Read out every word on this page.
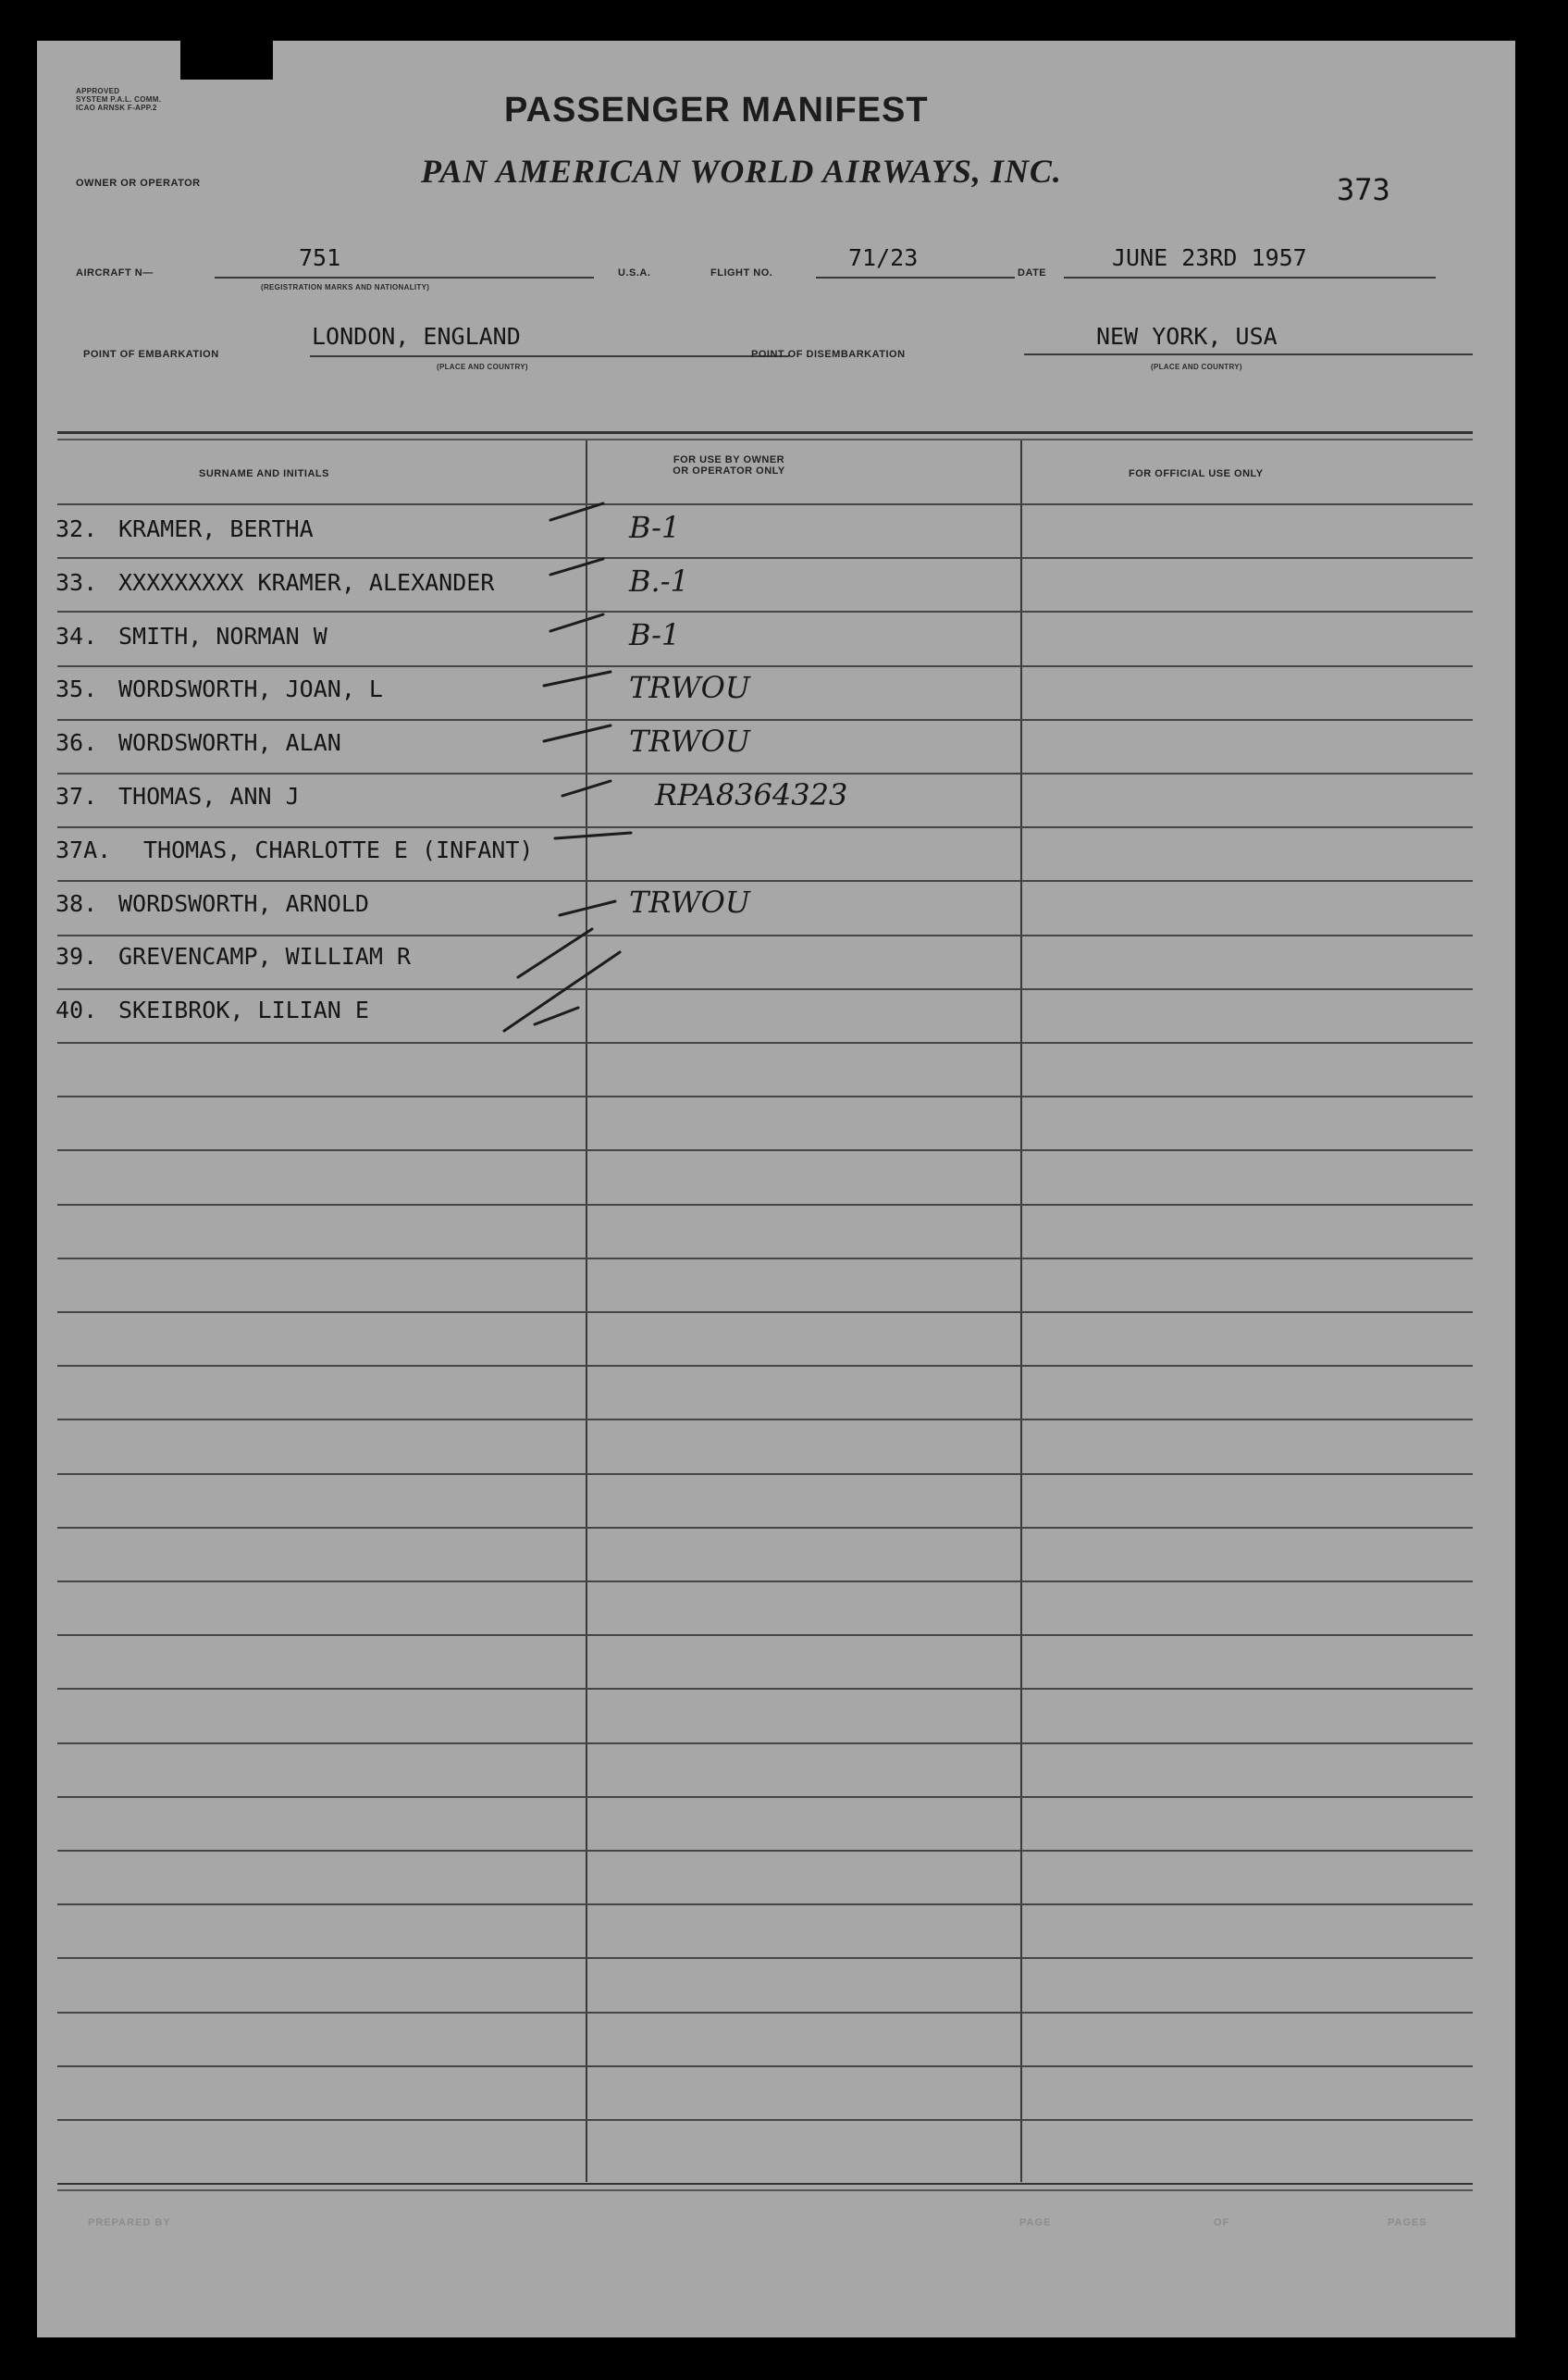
APPROVED
SYSTEM P.A.L. COMM.
ICAO ARNSK F-APP.2	PASSENGER MANIFEST
OWNER OR OPERATOR	PAN AMERICAN WORLD AIRWAYS, INC.	373
AIRCRAFT N—
751
(REGISTRATION MARKS AND NATIONALITY)
U.S.A.	FLIGHT NO.
71/23
DATE
JUNE 23RD 1957
POINT OF EMBARKATION
LONDON, ENGLAND
(PLACE AND COUNTRY)
POINT OF DISEMBARKATION
NEW YORK, USA
(PLACE AND COUNTRY)
SURNAME AND INITIALS
FOR USE BY OWNER
OR OPERATOR ONLY	FOR OFFICIAL USE ONLY
32. KRAMER, BERTHA	B-1
33. XXXXXXXXX KRAMER, ALEXANDER	B.-1
34. SMITH, NORMAN W	B-1
35. WORDSWORTH, JOAN, L	TRWOU
36. WORDSWORTH, ALAN	TRWOU
37. THOMAS, ANN J	RPA8364323
37A. THOMAS, CHARLOTTE E (INFANT)
38. WORDSWORTH, ARNOLD	TRWOU
39. GREVENCAMP, WILLIAM R
40. SKEIBROK, LILIAN E
PREPARED BY	PAGE	OF	PAGES
